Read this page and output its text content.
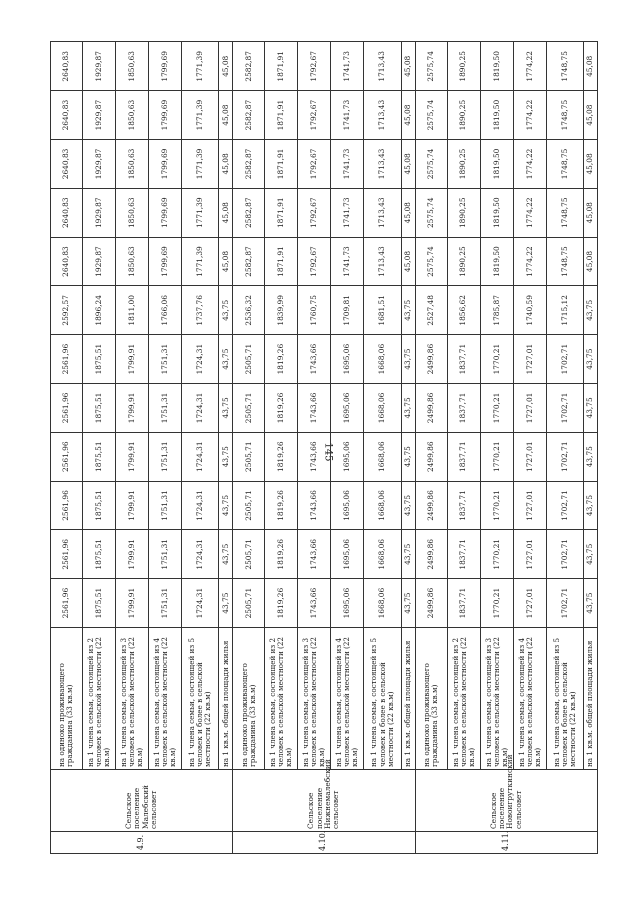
145
4.9.	Сельское поселение Малебский сельсовет	на одиноко проживающего гражданина (33 кв.м)	2561,96	2561,96	2561,96	2561,96	2561,96	2561,96	2592,57	2640,83	2640,83	2640,83	2640,83	2640,83
		на 1 члена семьи, состоящей из 2 человек в сельской местности (22 кв.м)	1875,51	1875,51	1875,51	1875,51	1875,51	1875,51	1896,24	1929,87	1929,87	1929,87	1929,87	1929,87
		на 1 члена семьи, состоящей из 3 человек в сельской местности (22 кв.м)	1799,91	1799,91	1799,91	1799,91	1799,91	1799,91	1811,00	1850,63	1850,63	1850,63	1850,63	1850,63
		на 1 члена семьи, состоящей из 4 человек в сельской местности (22 кв.м)	1751,31	1751,31	1751,31	1751,31	1751,31	1751,31	1766,06	1799,69	1799,69	1799,69	1799,69	1799,69
		на 1 члена семьи, состоящей из 5 человек и более в сельской местности (22 кв.м)	1724,31	1724,31	1724,31	1724,31	1724,31	1724,31	1737,76	1771,39	1771,39	1771,39	1771,39	1771,39
		на 1 кв.м. общей площади жилья	43,75	43,75	43,75	43,75	43,75	43,75	43,75	45,08	45,08	45,08	45,08	45,08
4.10.	Сельское поселение Нижнемалебский сельсовет	на одиноко проживающего гражданина (33 кв.м)	2505,71	2505,71	2505,71	2505,71	2505,71	2505,71	2536,32	2582,87	2582,87	2582,87	2582,87	2582,87
		на 1 члена семьи, состоящей из 2 человек в сельской местности (22 кв.м)	1819,26	1819,26	1819,26	1819,26	1819,26	1819,26	1839,99	1871,91	1871,91	1871,91	1871,91	1871,91
		на 1 члена семьи, состоящей из 3 человек в сельской местности (22 кв.м)	1743,66	1743,66	1743,66	1743,66	1743,66	1743,66	1760,75	1792,67	1792,67	1792,67	1792,67	1792,67
		на 1 члена семьи, состоящей из 4 человек в сельской местности (22 кв.м)	1695,06	1695,06	1695,06	1695,06	1695,06	1695,06	1709,81	1741,73	1741,73	1741,73	1741,73	1741,73
		на 1 члена семьи, состоящей из 5 человек и более в сельской местности (22 кв.м)	1668,06	1668,06	1668,06	1668,06	1668,06	1668,06	1681,51	1713,43	1713,43	1713,43	1713,43	1713,43
		на 1 кв.м. общей площади жилья	43,75	43,75	43,75	43,75	43,75	43,75	43,75	45,08	45,08	45,08	45,08	45,08
4.11.	Сельское поселение Новоигруткинский сельсовет	на одиноко проживающего гражданина (33 кв.м)	2499,86	2499,86	2499,86	2499,86	2499,86	2499,86	2527,48	2575,74	2575,74	2575,74	2575,74	2575,74
		на 1 члена семьи, состоящей из 2 человек в сельской местности (22 кв.м)	1837,71	1837,71	1837,71	1837,71	1837,71	1837,71	1856,62	1890,25	1890,25	1890,25	1890,25	1890,25
		на 1 члена семьи, состоящей из 3 человек в сельской местности (22 кв.м)	1770,21	1770,21	1770,21	1770,21	1770,21	1770,21	1785,87	1819,50	1819,50	1819,50	1819,50	1819,50
		на 1 члена семьи, состоящей из 4 человек в сельской местности (22 кв.м)	1727,01	1727,01	1727,01	1727,01	1727,01	1727,01	1740,59	1774,22	1774,22	1774,22	1774,22	1774,22
		на 1 члена семьи, состоящей из 5 человек и более в сельской местности (22 кв.м)	1702,71	1702,71	1702,71	1702,71	1702,71	1702,71	1715,12	1748,75	1748,75	1748,75	1748,75	1748,75
		на 1 кв.м. общей площади жилья	43,75	43,75	43,75	43,75	43,75	43,75	43,75	45,08	45,08	45,08	45,08	45,08
